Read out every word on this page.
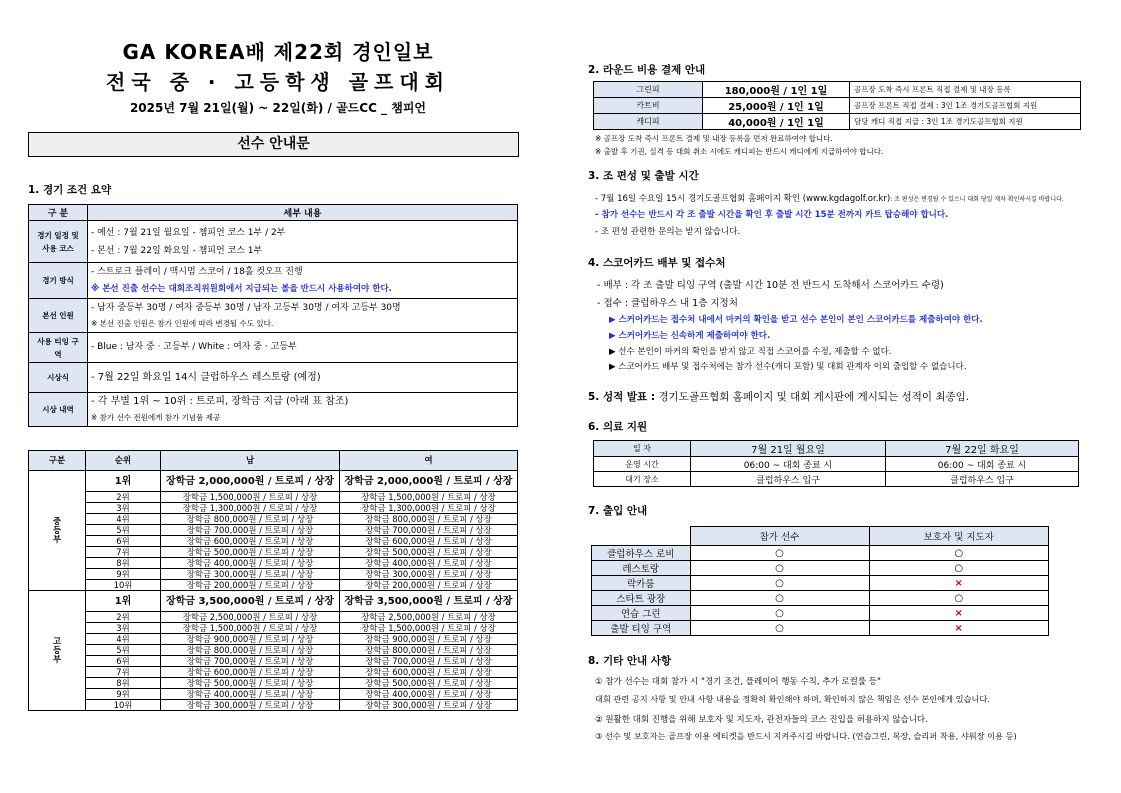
GA KOREA배 제22회 경인일보
전국 중 · 고등학생 골프대회
2025년 7월 21일(월) ~ 22일(화) / 골드CC _ 챔피언
선수 안내문
1. 경기 조건 요약
구 분	세부 내용
경기 일정 및 사용 코스	- 예선 : 7월 21일 월요일 - 챔피언 코스 1부 / 2부
- 본선 : 7월 22일 화요일 - 챔피언 코스 1부

경기 방식	- 스트로크 플레이 / 맥시멈 스코어 / 18홀 컷오프 진행
※ 본선 진출 선수는 대회조직위원회에서 지급되는 볼을 반드시 사용하여야 한다.

본선 인원	- 남자 중등부 30명 / 여자 중등부 30명 / 남자 고등부 30명 / 여자 고등부 30명
※ 본선 진출 인원은 참가 인원에 따라 변경될 수도 있다.

사용 티잉 구역	- Blue : 남자 중 · 고등부 / White : 여자 중 · 고등부
시상식	- 7월 22일 화요일 14시 클럽하우스 레스토랑 (예정)
시상 내역	- 각 부별 1위 ~ 10위 : 트로피, 장학금 지급 (아래 표 참조)
※ 참가 선수 전원에게 참가 기념품 제공
구분	순위	남	여

중
등
부	1위	장학금 2,000,000원 / 트로피 / 상장	장학금 2,000,000원 / 트로피 / 상장
	2위	장학금 1,500,000원 / 트로피 / 상장	장학금 1,500,000원 / 트로피 / 상장
	3위	장학금 1,300,000원 / 트로피 / 상장	장학금 1,300,000원 / 트로피 / 상장
	4위	장학금 800,000원 / 트로피 / 상장	장학금 800,000원 / 트로피 / 상장
	5위	장학금 700,000원 / 트로피 / 상장	장학금 700,000원 / 트로피 / 상장
	6위	장학금 600,000원 / 트로피 / 상장	장학금 600,000원 / 트로피 / 상장
	7위	장학금 500,000원 / 트로피 / 상장	장학금 500,000원 / 트로피 / 상장
	8위	장학금 400,000원 / 트로피 / 상장	장학금 400,000원 / 트로피 / 상장
	9위	장학금 300,000원 / 트로피 / 상장	장학금 300,000원 / 트로피 / 상장
	10위	장학금 200,000원 / 트로피 / 상장	장학금 200,000원 / 트로피 / 상장

고
등
부	1위	장학금 3,500,000원 / 트로피 / 상장	장학금 3,500,000원 / 트로피 / 상장
	2위	장학금 2,500,000원 / 트로피 / 상장	장학금 2,500,000원 / 트로피 / 상장
	3위	장학금 1,500,000원 / 트로피 / 상장	장학금 1,500,000원 / 트로피 / 상장
	4위	장학금 900,000원 / 트로피 / 상장	장학금 900,000원 / 트로피 / 상장
	5위	장학금 800,000원 / 트로피 / 상장	장학금 800,000원 / 트로피 / 상장
	6위	장학금 700,000원 / 트로피 / 상장	장학금 700,000원 / 트로피 / 상장
	7위	장학금 600,000원 / 트로피 / 상장	장학금 600,000원 / 트로피 / 상장
	8위	장학금 500,000원 / 트로피 / 상장	장학금 500,000원 / 트로피 / 상장
	9위	장학금 400,000원 / 트로피 / 상장	장학금 400,000원 / 트로피 / 상장
	10위	장학금 300,000원 / 트로피 / 상장	장학금 300,000원 / 트로피 / 상장
2. 라운드 비용 결제 안내
그린피	180,000원 / 1인 1일	골프장 도착 즉시 프론트 직접 결제 및 내장 등록
카트비	25,000원 / 1인 1일	골프장 프론트 직접 결제 : 3인 1조 경기도골프협회 지원
캐디피	40,000원 / 1인 1일	담당 캐디 직접 지급 : 3인 1조 경기도골프협회 지원
※ 골프장 도착 즉시 프론트 결제 및 내장 등록을 먼저 완료하여야 합니다.
※ 출발 후 기권, 실격 등 대회 취소 시에도 캐디피는 반드시 캐디에게 지급하여야 합니다.
3. 조 편성 및 출발 시간
- 7월 16일 수요일 15시 경기도골프협회 홈페이지 확인 (www.kgdagolf.or.kr): 조 편성은 변경될 수 있으니 대회 당일 재차 확인하시길 바랍니다.
- 참가 선수는 반드시 각 조 출발 시간을 확인 후 출발 시간 15분 전까지 카트 탑승해야 합니다.
- 조 편성 관련한 문의는 받지 않습니다.
4. 스코어카드 배부 및 접수처
- 배부 : 각 조 출발 티잉 구역 (출발 시간 10분 전 반드시 도착해서 스코어카드 수령)
- 접수 : 클럽하우스 내 1층 지정처
▶ 스커어카드는 접수처 내에서 마커의 확인을 받고 선수 본인이 본인 스코어카드를 제출하여야 한다.
▶ 스커어카드는 신속하게 제출하여야 한다.
▶ 선수 본인이 마커의 확인을 받지 않고 직접 스코어를 수정, 제출할 수 없다.
▶ 스코어카드 배부 및 접수처에는 참가 선수(캐디 포함) 및 대회 관계자 이외 출입할 수 없습니다.
5. 성적 발표 : 경기도골프협회 홈페이지 및 대회 게시판에 게시되는 성적이 최종임.
6. 의료 지원
일 자	7월 21일 월요일	7월 22일 화요일
운영 시간	06:00 ~ 대회 종료 시	06:00 ~ 대회 종료 시
대기 장소	클럽하우스 입구	클럽하우스 입구
7. 출입 안내
	참가 선수	보호자 및 지도자
클럽하우스 로비	○	○
레스토랑	○	○
락카룸	○	×
스타트 광장	○	○
연습 그린	○	×
출발 티잉 구역	○	×
8. 기타 안내 사항
① 참가 선수는 대회 참가 시 "경기 조건, 플레이어 행동 수칙, 추가 로컬룰 등"
대회 관련 공지 사항 및 안내 사항 내용을 정확히 확인해야 하며, 확인하지 않은 책임은 선수 본인에게 있습니다.
② 원활한 대회 진행을 위해 보호자 및 지도자, 관전자들의 코스 진입을 허용하지 않습니다.
③ 선수 및 보호자는 골프장 이용 에티켓을 반드시 지켜주시길 바랍니다. (연습그린, 복장, 슬리퍼 착용, 샤워장 이용 등)
